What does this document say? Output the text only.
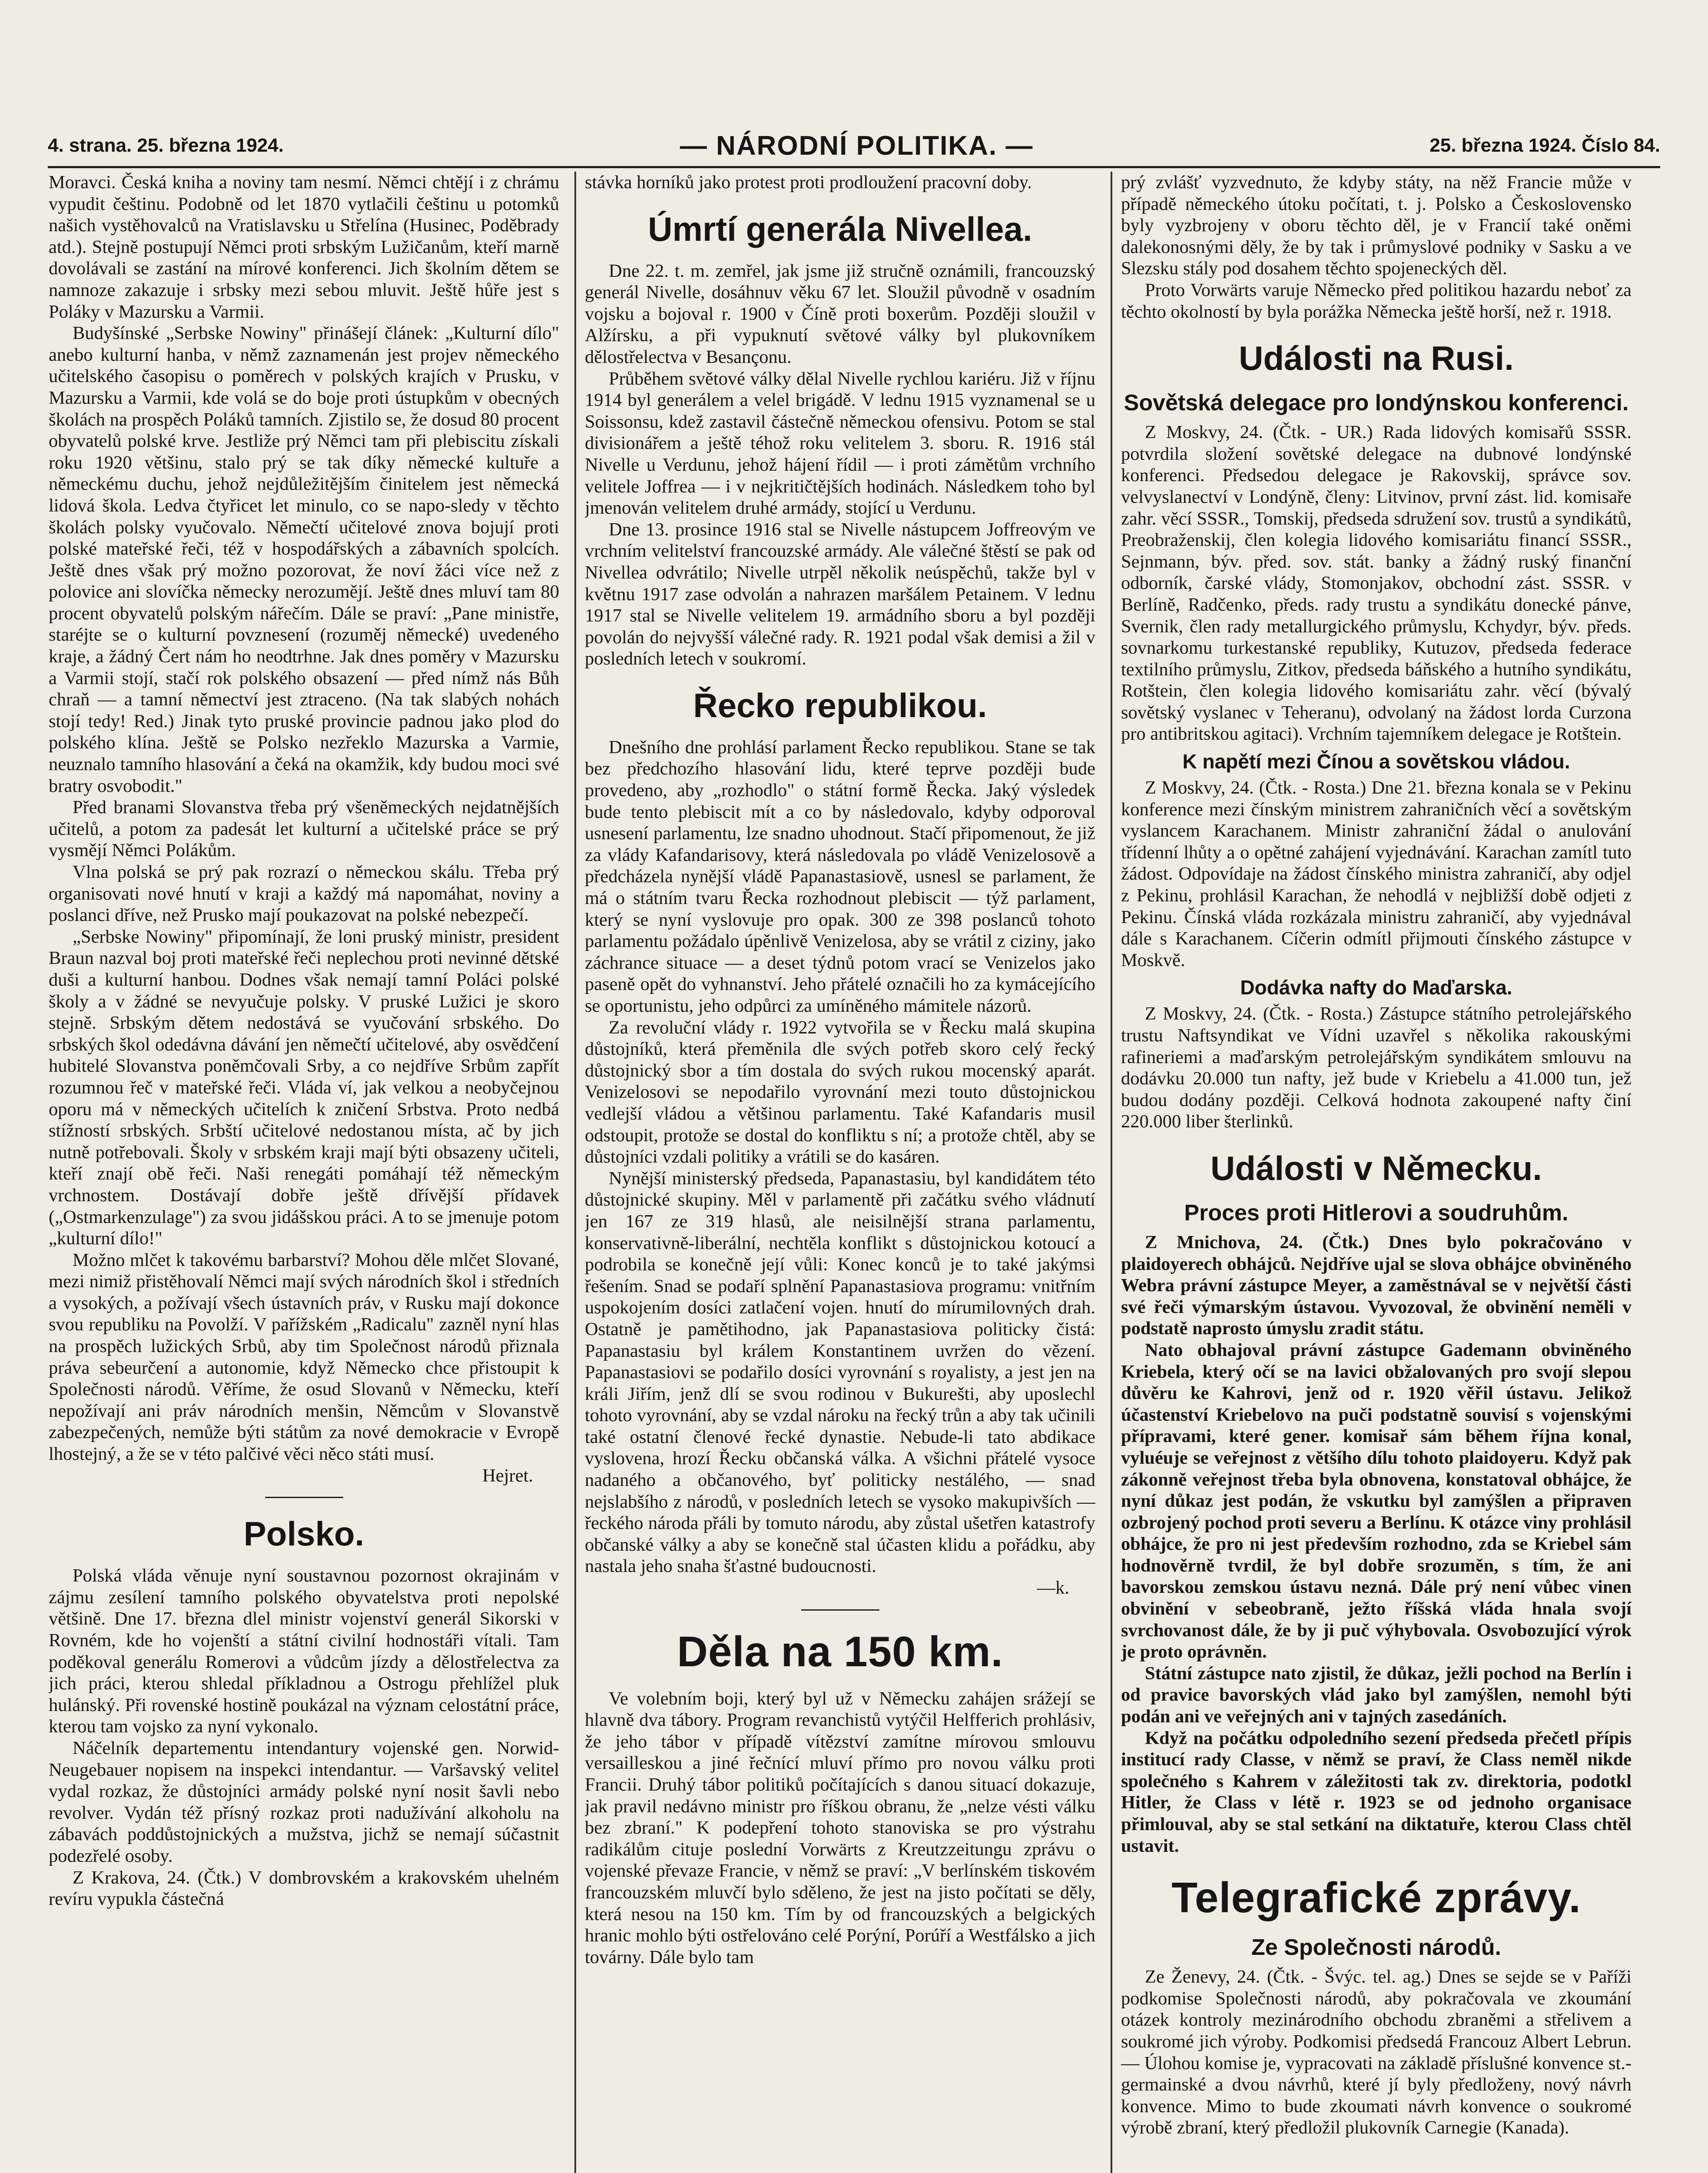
4. strana. 25. března 1924.	— NÁRODNÍ POLITIKA. —	25. března 1924. Číslo 84.

Moravci. Česká kniha a noviny tam nesmí. Němci chtějí i z chrámu vypudit češtinu. Podobně od let 1870 vytlačili češtinu u potomků našich vystěhovalců na Vratislavsku u Střelína (Husinec, Poděbrady atd.). Stejně postupují Němci proti srbským Lužičanům, kteří marně dovolávali se zastání na mírové konferenci. Jich školním dětem se namnoze zakazuje i srbsky mezi sebou mluvit. Ještě hůře jest s Poláky v Mazursku a Varmii.

Budyšínské „Serbske Nowiny" přinášejí článek: „Kulturní dílo" anebo kulturní hanba, v němž zaznamenán jest projev německého učitelského časopisu o poměrech v polských krajích v Prusku, v Mazursku a Varmii, kde volá se do boje proti ústupkům v obecných školách na prospěch Poláků tamních. Zjistilo se, že dosud 80 procent obyvatelů polské krve. Jestliže prý Němci tam při plebiscitu získali roku 1920 většinu, stalo prý se tak díky německé kultuře a německému duchu, jehož nejdůležitějším činitelem jest německá lidová škola. Ledva čtyřicet let minulo, co se napo-sledy v těchto školách polsky vyučovalo. Němečtí učitelové znova bojují proti polské mateřské řeči, též v hospodářských a zábavních spolcích. Ještě dnes však prý možno pozorovat, že noví žáci více než z polovice ani slovíčka německy nerozumějí. Ještě dnes mluví tam 80 procent obyvatelů polským nářečím. Dále se praví: „Pane ministře, staréjte se o kulturní povznesení (rozuměj německé) uvedeného kraje, a žádný Čert nám ho neodtrhne. Jak dnes poměry v Mazursku a Varmii stojí, stačí rok polského obsazení — před nímž nás Bůh chraň — a tamní němectví jest ztraceno. (Na tak slabých nohách stojí tedy! Red.) Jinak tyto pruské provincie padnou jako plod do polského klína. Ještě se Polsko nezřeklo Mazurska a Varmie, neuznalo tamního hlasování a čeká na okamžik, kdy budou moci své bratry osvobodit."

Před branami Slovanstva třeba prý všeněmeckých nejdatnějších učitelů, a potom za padesát let kulturní a učitelské práce se prý vysmějí Němci Polákům.

Vlna polská se prý pak rozrazí o německou skálu. Třeba prý organisovati nové hnutí v kraji a každý má napomáhat, noviny a poslanci dříve, než Prusko mají poukazovat na polské nebezpečí.

„Serbske Nowiny" připomínají, že loni pruský ministr, president Braun nazval boj proti mateřské řeči neplechou proti nevinné dětské duši a kulturní hanbou. Dodnes však nemají tamní Poláci polské školy a v žádné se nevyučuje polsky. V pruské Lužici je skoro stejně. Srbským dětem nedostává se vyučování srbského. Do srbských škol odedávna dávání jen němečtí učitelové, aby osvědčení hubitelé Slovanstva poněmčovali Srby, a co nejdříve Srbům zapřít rozumnou řeč v mateřské řeči. Vláda ví, jak velkou a neobyčejnou oporu má v německých učitelích k zničení Srbstva. Proto nedbá stížností srbských. Srbští učitelové nedostanou místa, ač by jich nutně potřebovali. Školy v srbském kraji mají býti obsazeny učiteli, kteří znají obě řeči. Naši renegáti pomáhají též německým vrchnostem. Dostávají dobře ještě dřívější přídavek („Ostmarkenzulage") za svou jidášskou práci. A to se jmenuje potom „kulturní dílo!"

Možno mlčet k takovému barbarství? Mohou děle mlčet Slované, mezi nimiž přistěhovalí Němci mají svých národních škol i středních a vysokých, a požívají všech ústavních práv, v Rusku mají dokonce svou republiku na Povolží. V pařížském „Radicalu" zazněl nyní hlas na prospěch lužických Srbů, aby tim Společnost národů přiznala práva sebeurčení a autonomie, když Německo chce přistoupit k Společnosti národů. Věříme, že osud Slovanů v Německu, kteří nepožívají ani práv národních menšin, Němcům v Slovanstvě zabezpečených, nemůže býti státům za nové demokracie v Evropě lhostejný, a že se v této palčivé věci něco státi musí.

Hejret.

Polsko.

Polská vláda věnuje nyní soustavnou pozornost okrajinám v zájmu zesílení tamního polského obyvatelstva proti nepolské většině. Dne 17. března dlel ministr vojenství generál Sikorski v Rovném, kde ho vojenští a státní civilní hodnostáři vítali. Tam poděkoval generálu Romerovi a vůdcům jízdy a dělostřelectva za jich práci, kterou shledal příkladnou a Ostrogu přehlížel pluk hulánský. Při rovenské hostině poukázal na význam celostátní práce, kterou tam vojsko za nyní vykonalo.

Náčelník departementu intendantury vojenské gen. Norwid-Neugebauer nopisem na inspekci intendantur. — Varšavský velitel vydal rozkaz, že důstojníci armády polské nyní nosit šavli nebo revolver. Vydán též přísný rozkaz proti nadužívání alkoholu na zábavách poddůstojnických a mužstva, jichž se nemají súčastnit podezřelé osoby.

Z Krakova, 24. (Čtk.) V dombrovském a krakovském uhelném revíru vypukla částečná

stávka horníků jako protest proti prodloužení pracovní doby.

Úmrtí generála Nivellea.

Dne 22. t. m. zemřel, jak jsme již stručně oznámili, francouzský generál Nivelle, dosáhnuv věku 67 let. Sloužil původně v osadním vojsku a bojoval r. 1900 v Číně proti boxerům. Později sloužil v Alžírsku, a při vypuknutí světové války byl plukovníkem dělostřelectva v Besançonu.

Průběhem světové války dělal Nivelle rychlou kariéru. Již v říjnu 1914 byl generálem a velel brigádě. V lednu 1915 vyznamenal se u Soissonsu, kdež zastavil částečně německou ofensivu. Potom se stal divisionářem a ještě téhož roku velitelem 3. sboru. R. 1916 stál Nivelle u Verdunu, jehož hájení řídil — i proti zámětům vrchního velitele Joffrea — i v nejkritičtějších hodinách. Následkem toho byl jmenován velitelem druhé armády, stojící u Verdunu.

Dne 13. prosince 1916 stal se Nivelle nástupcem Joffreovým ve vrchním velitelství francouzské armády. Ale válečné štěstí se pak od Nivellea odvrátilo; Nivelle utrpěl několik neúspěchů, takže byl v květnu 1917 zase odvolán a nahrazen maršálem Petainem. V lednu 1917 stal se Nivelle velitelem 19. armádního sboru a byl později povolán do nejvyšší válečné rady. R. 1921 podal však demisi a žil v posledních letech v soukromí.

Řecko republikou.

Dnešního dne prohlásí parlament Řecko republikou. Stane se tak bez předchozího hlasování lidu, které teprve později bude provedeno, aby „rozhodlo" o státní formě Řecka. Jaký výsledek bude tento plebiscit mít a co by následovalo, kdyby odporoval usnesení parlamentu, lze snadno uhodnout. Stačí připomenout, že již za vlády Kafandarisovy, která následovala po vládě Venizelosově a předcházela nynější vládě Papanastasiově, usnesl se parlament, že má o státním tvaru Řecka rozhodnout plebiscit — týž parlament, který se nyní vyslovuje pro opak. 300 ze 398 poslanců tohoto parlamentu požádalo úpěnlivě Venizelosa, aby se vrátil z ciziny, jako záchrance situace — a deset týdnů potom vrací se Venizelos jako paseně opět do vyhnanství. Jeho přátelé označili ho za kymácejícího se oportunistu, jeho odpůrci za umíněného mámitele názorů.

Za revoluční vlády r. 1922 vytvořila se v Řecku malá skupina důstojníků, která přeměnila dle svých potřeb skoro celý řecký důstojnický sbor a tím dostala do svých rukou mocenský aparát. Venizelosovi se nepodařilo vyrovnání mezi touto důstojnickou vedlejší vládou a většinou parlamentu. Také Kafandaris musil odstoupit, protože se dostal do konfliktu s ní; a protože chtěl, aby se důstojníci vzdali politiky a vrátili se do kasáren.

Nynější ministerský předseda, Papanastasiu, byl kandidátem této důstojnické skupiny. Měl v parlamentě při začátku svého vládnutí jen 167 ze 319 hlasů, ale neisilnější strana parlamentu, konservativně-liberální, nechtěla konflikt s důstojnickou kotoucí a podrobila se konečně její vůli: Konec konců je to také jakýmsi řešením. Snad se podaří splnění Papanastasiova programu: vnitřním uspokojením dosíci zatlačení vojen. hnutí do mírumilovných drah. Ostatně je pamětihodno, jak Papanastasiova politicky čistá: Papanastasiu byl králem Konstantinem uvržen do vězení. Papanastasiovi se podařilo dosíci vyrovnání s royalisty, a jest jen na králi Jiřím, jenž dlí se svou rodinou v Bukurešti, aby uposlechl tohoto vyrovnání, aby se vzdal nároku na řecký trůn a aby tak učinili také ostatní členové řecké dynastie. Nebude-li tato abdikace vyslovena, hrozí Řecku občanská válka. A všichni přátelé vysoce nadaného a občanového, byť politicky nestálého, — snad nejslabšího z národů, v posledních letech se vysoko makupivších — řeckého národa přáli by tomuto národu, aby zůstal ušetřen katastrofy občanské války a aby se konečně stal účasten klidu a pořádku, aby nastala jeho snaha šťastné budoucnosti.

—k.

Děla na 150 km.

Ve volebním boji, který byl už v Německu zahájen srážejí se hlavně dva tábory. Program revanchistů vytýčil Helfferich prohlásiv, že jeho tábor v případě vítězství zamítne mírovou smlouvu versailleskou a jiné řečnící mluví přímo pro novou válku proti Francii. Druhý tábor politiků počítajících s danou situací dokazuje, jak pravil nedávno ministr pro říškou obranu, že „nelze vésti válku bez zbraní." K podepření tohoto stanoviska se pro výstrahu radikálům cituje poslední Vorwärts z Kreutzzeitungu zprávu o vojenské převaze Francie, v němž se praví: „V berlínském tiskovém francouzském mluvčí bylo sděleno, že jest na jisto počítati se děly, která nesou na 150 km. Tím by od francouzských a belgických hranic mohlo býti ostřelováno celé Porýní, Porúří a Westfálsko a jich továrny. Dále bylo tam

prý zvlášť vyzvednuto, že kdyby státy, na něž Francie může v případě německého útoku počítati, t. j. Polsko a Československo byly vyzbrojeny v oboru těchto děl, je v Francií také oněmi dalekonosnými děly, že by tak i průmyslové podniky v Sasku a ve Slezsku stály pod dosahem těchto spojeneckých děl.

Proto Vorwärts varuje Německo před politikou hazardu neboť za těchto okolností by byla porážka Německa ještě horší, než r. 1918.

Události na Rusi.
Sovětská delegace pro londýnskou konferenci.

Z Moskvy, 24. (Čtk. - UR.) Rada lidových komisařů SSSR. potvrdila složení sovětské delegace na dubnové londýnské konferenci. Předsedou delegace je Rakovskij, správce sov. velvyslanectví v Londýně, členy: Litvinov, první zást. lid. komisaře zahr. věcí SSSR., Tomskij, předseda sdružení sov. trustů a syndikátů, Preobraženskij, člen kolegia lidového komisariátu financí SSSR., Sejnmann, býv. před. sov. stát. banky a žádný ruský finanční odborník, čarské vlády, Stomonjakov, obchodní zást. SSSR. v Berlíně, Radčenko, předs. rady trustu a syndikátu donecké pánve, Svernik, člen rady metallurgického průmyslu, Kchydyr, býv. předs. sovnarkomu turkestanské republiky, Kutuzov, předseda federace textilního průmyslu, Zitkov, předseda báňského a hutního syndikátu, Rotštein, člen kolegia lidového komisariátu zahr. věcí (bývalý sovětský vyslanec v Teheranu), odvolaný na žádost lorda Curzona pro antibritskou agitaci). Vrchním tajemníkem delegace je Rotštein.

K napětí mezi Čínou a sovětskou vládou.

Z Moskvy, 24. (Čtk. - Rosta.) Dne 21. března konala se v Pekinu konference mezi čínským ministrem zahraničních věcí a sovětským vyslancem Karachanem. Ministr zahraniční žádal o anulování třídenní lhůty a o opětné zahájení vyjednávání. Karachan zamítl tuto žádost. Odpovídaje na žádost čínského ministra zahraničí, aby odjel z Pekinu, prohlásil Karachan, že nehodlá v nejbližší době odjeti z Pekinu. Čínská vláda rozkázala ministru zahraničí, aby vyjednával dále s Karachanem. Cíčerin odmítl přijmouti čínského zástupce v Moskvě.

Dodávka nafty do Maďarska.

Z Moskvy, 24. (Čtk. - Rosta.) Zástupce státního petrolejářského trustu Naftsyndikat ve Vídni uzavřel s několika rakouskými rafineriemi a maďarským petrolejářským syndikátem smlouvu na dodávku 20.000 tun nafty, jež bude v Kriebelu a 41.000 tun, jež budou dodány později. Celková hodnota zakoupené nafty činí 220.000 liber šterlinků.

Události v Německu.
Proces proti Hitlerovi a soudruhům.

Z Mnichova, 24. (Čtk.) Dnes bylo pokračováno v plaidoyerech obhájců. Nejdříve ujal se slova obhájce obviněného Webra právní zástupce Meyer, a zaměstnával se v největší části své řeči výmarským ústavou. Vyvozoval, že obvinění neměli v podstatě naprosto úmyslu zradit státu.

Nato obhajoval právní zástupce Gademann obviněného Kriebela, který očí se na lavici obžalovaných pro svojí slepou důvěru ke Kahrovi, jenž od r. 1920 věřil ústavu. Jelikož účastenství Kriebelovo na puči podstatně souvisí s vojenskými přípravami, které gener. komisař sám během října konal, vyluéuje se veřejnost z většího dílu tohoto plaidoyeru. Když pak zákonně veřejnost třeba byla obnovena, konstatoval obhájce, že nyní důkaz jest podán, že vskutku byl zamýšlen a připraven ozbrojený pochod proti severu a Berlínu. K otázce viny prohlásil obhájce, že pro ni jest především rozhodno, zda se Kriebel sám hodnověrně tvrdil, že byl dobře srozuměn, s tím, že ani bavorskou zemskou ústavu nezná. Dále prý není vůbec vinen obvinění v sebeobraně, ježto říšská vláda hnala svojí svrchovanost dále, že by ji puč výhybovala. Osvobozující výrok je proto oprávněn.

Státní zástupce nato zjistil, že důkaz, ježli pochod na Berlín i od pravice bavorských vlád jako byl zamýšlen, nemohl býti podán ani ve veřejných ani v tajných zasedáních.

Když na počátku odpoledního sezení předseda přečetl přípis institucí rady Classe, v němž se praví, že Class neměl nikde společného s Kahrem v záležitosti tak zv. direktoria, podotkl Hitler, že Class v létě r. 1923 se od jednoho organisace přimlouval, aby se stal setkání na diktatuře, kterou Class chtěl ustavit.

Telegrafické zprávy.
Ze Společnosti národů.

Ze Ženevy, 24. (Čtk. - Švýc. tel. ag.) Dnes se sejde se v Paříži podkomise Společnosti národů, aby pokračovala ve zkoumání otázek kontroly mezinárodního obchodu zbraněmi a střelivem a soukromé jich výroby. Podkomisi předsedá Francouz Albert Lebrun. — Úlohou komise je, vypracovati na základě příslušné konvence st.-germainské a dvou návrhů, které jí byly předloženy, nový návrh konvence. Mimo to bude zkoumati návrh konvence o soukromé výrobě zbraní, který předložil plukovník Carnegie (Kanada).
